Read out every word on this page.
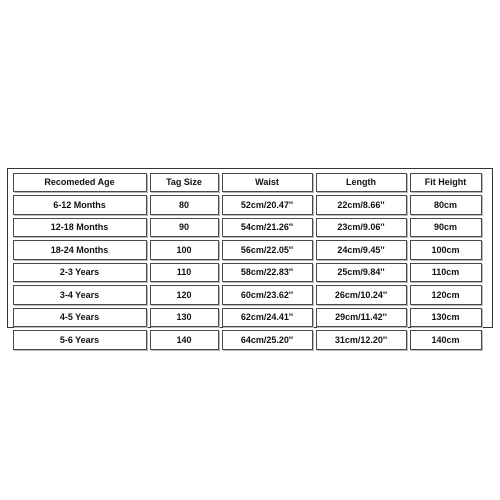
Recomeded Age	Tag Size	Waist	Length	Fit Height
6-12 Months	80	52cm/20.47''	22cm/8.66''	80cm
12-18 Months	90	54cm/21.26''	23cm/9.06''	90cm
18-24 Months	100	56cm/22.05''	24cm/9.45''	100cm
2-3 Years	110	58cm/22.83''	25cm/9.84''	110cm
3-4 Years	120	60cm/23.62''	26cm/10.24''	120cm
4-5 Years	130	62cm/24.41''	29cm/11.42''	130cm
5-6 Years	140	64cm/25.20''	31cm/12.20''	140cm
